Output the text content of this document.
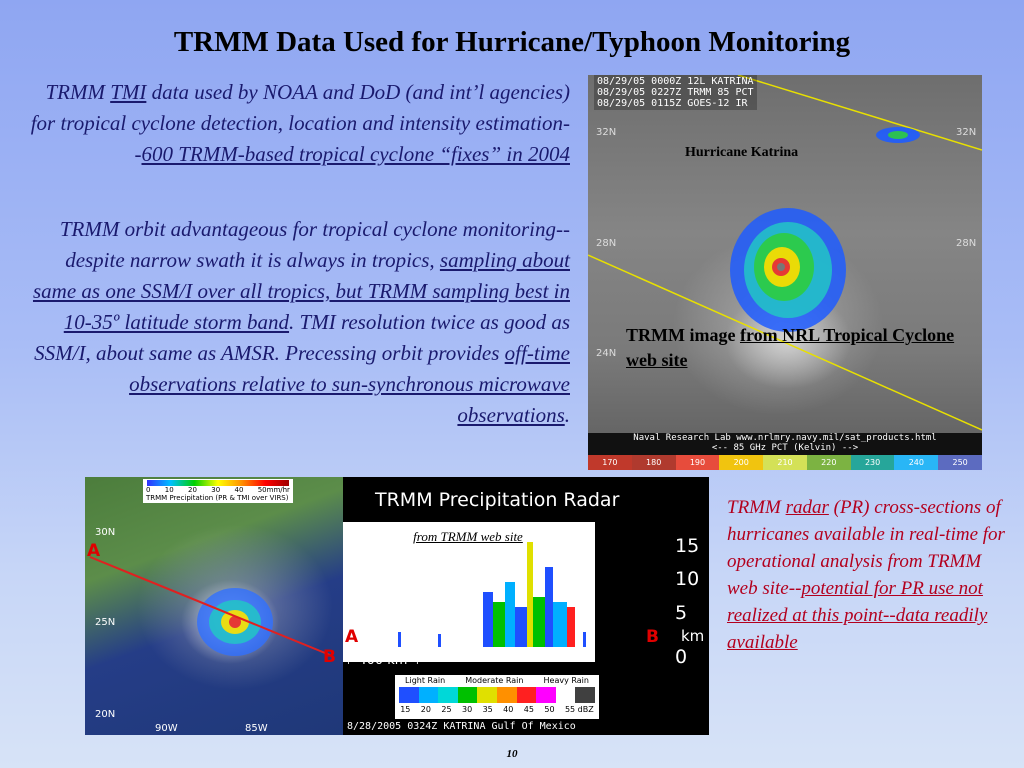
TRMM Data Used for Hurricane/Typhoon Monitoring
TRMM TMI data used by NOAA and DoD (and int’l agencies) for tropical cyclone detection, location and intensity estimation--600 TRMM-based tropical cyclone “fixes” in 2004
TRMM orbit advantageous for tropical cyclone monitoring--despite narrow swath it is always in tropics, sampling about same as one SSM/I over all tropics, but TRMM sampling best in 10-35º latitude storm band. TMI resolution twice as good as SSM/I, about same as AMSR. Precessing orbit provides off-time observations relative to sun-synchronous microwave observations.
08/29/05 0000Z 12L KATRINA
08/29/05 0227Z TRMM 85 PCT
08/29/05 0115Z GOES-12 IR
32N
28N
24N
32N
28N
Hurricane Katrina
TRMM image from NRL Tropical Cyclone web site
Naval Research Lab www.nrlmry.navy.mil/sat_products.html
<-- 85 GHz PCT (Kelvin) -->
170	180	190	200	210	220	230	240	250
0 10 20 30 40 50mm/hr
TRMM Precipitation (PR & TMI over VIRS)
A
B
30N
25N
20N
90W	85W
TRMM Precipitation Radar
from TRMM web site	15
10
5
km
0
A	B
⊢400 km⊣
Light Rain	Moderate Rain	Heavy Rain
15 20 25 30 35 40 45 50 55 dBZ
8/28/2005 0324Z KATRINA Gulf Of Mexico
TRMM radar (PR) cross-sections of hurricanes available in real-time for operational analysis from TRMM web site--potential for PR use not realized at this point--data readily available
10
